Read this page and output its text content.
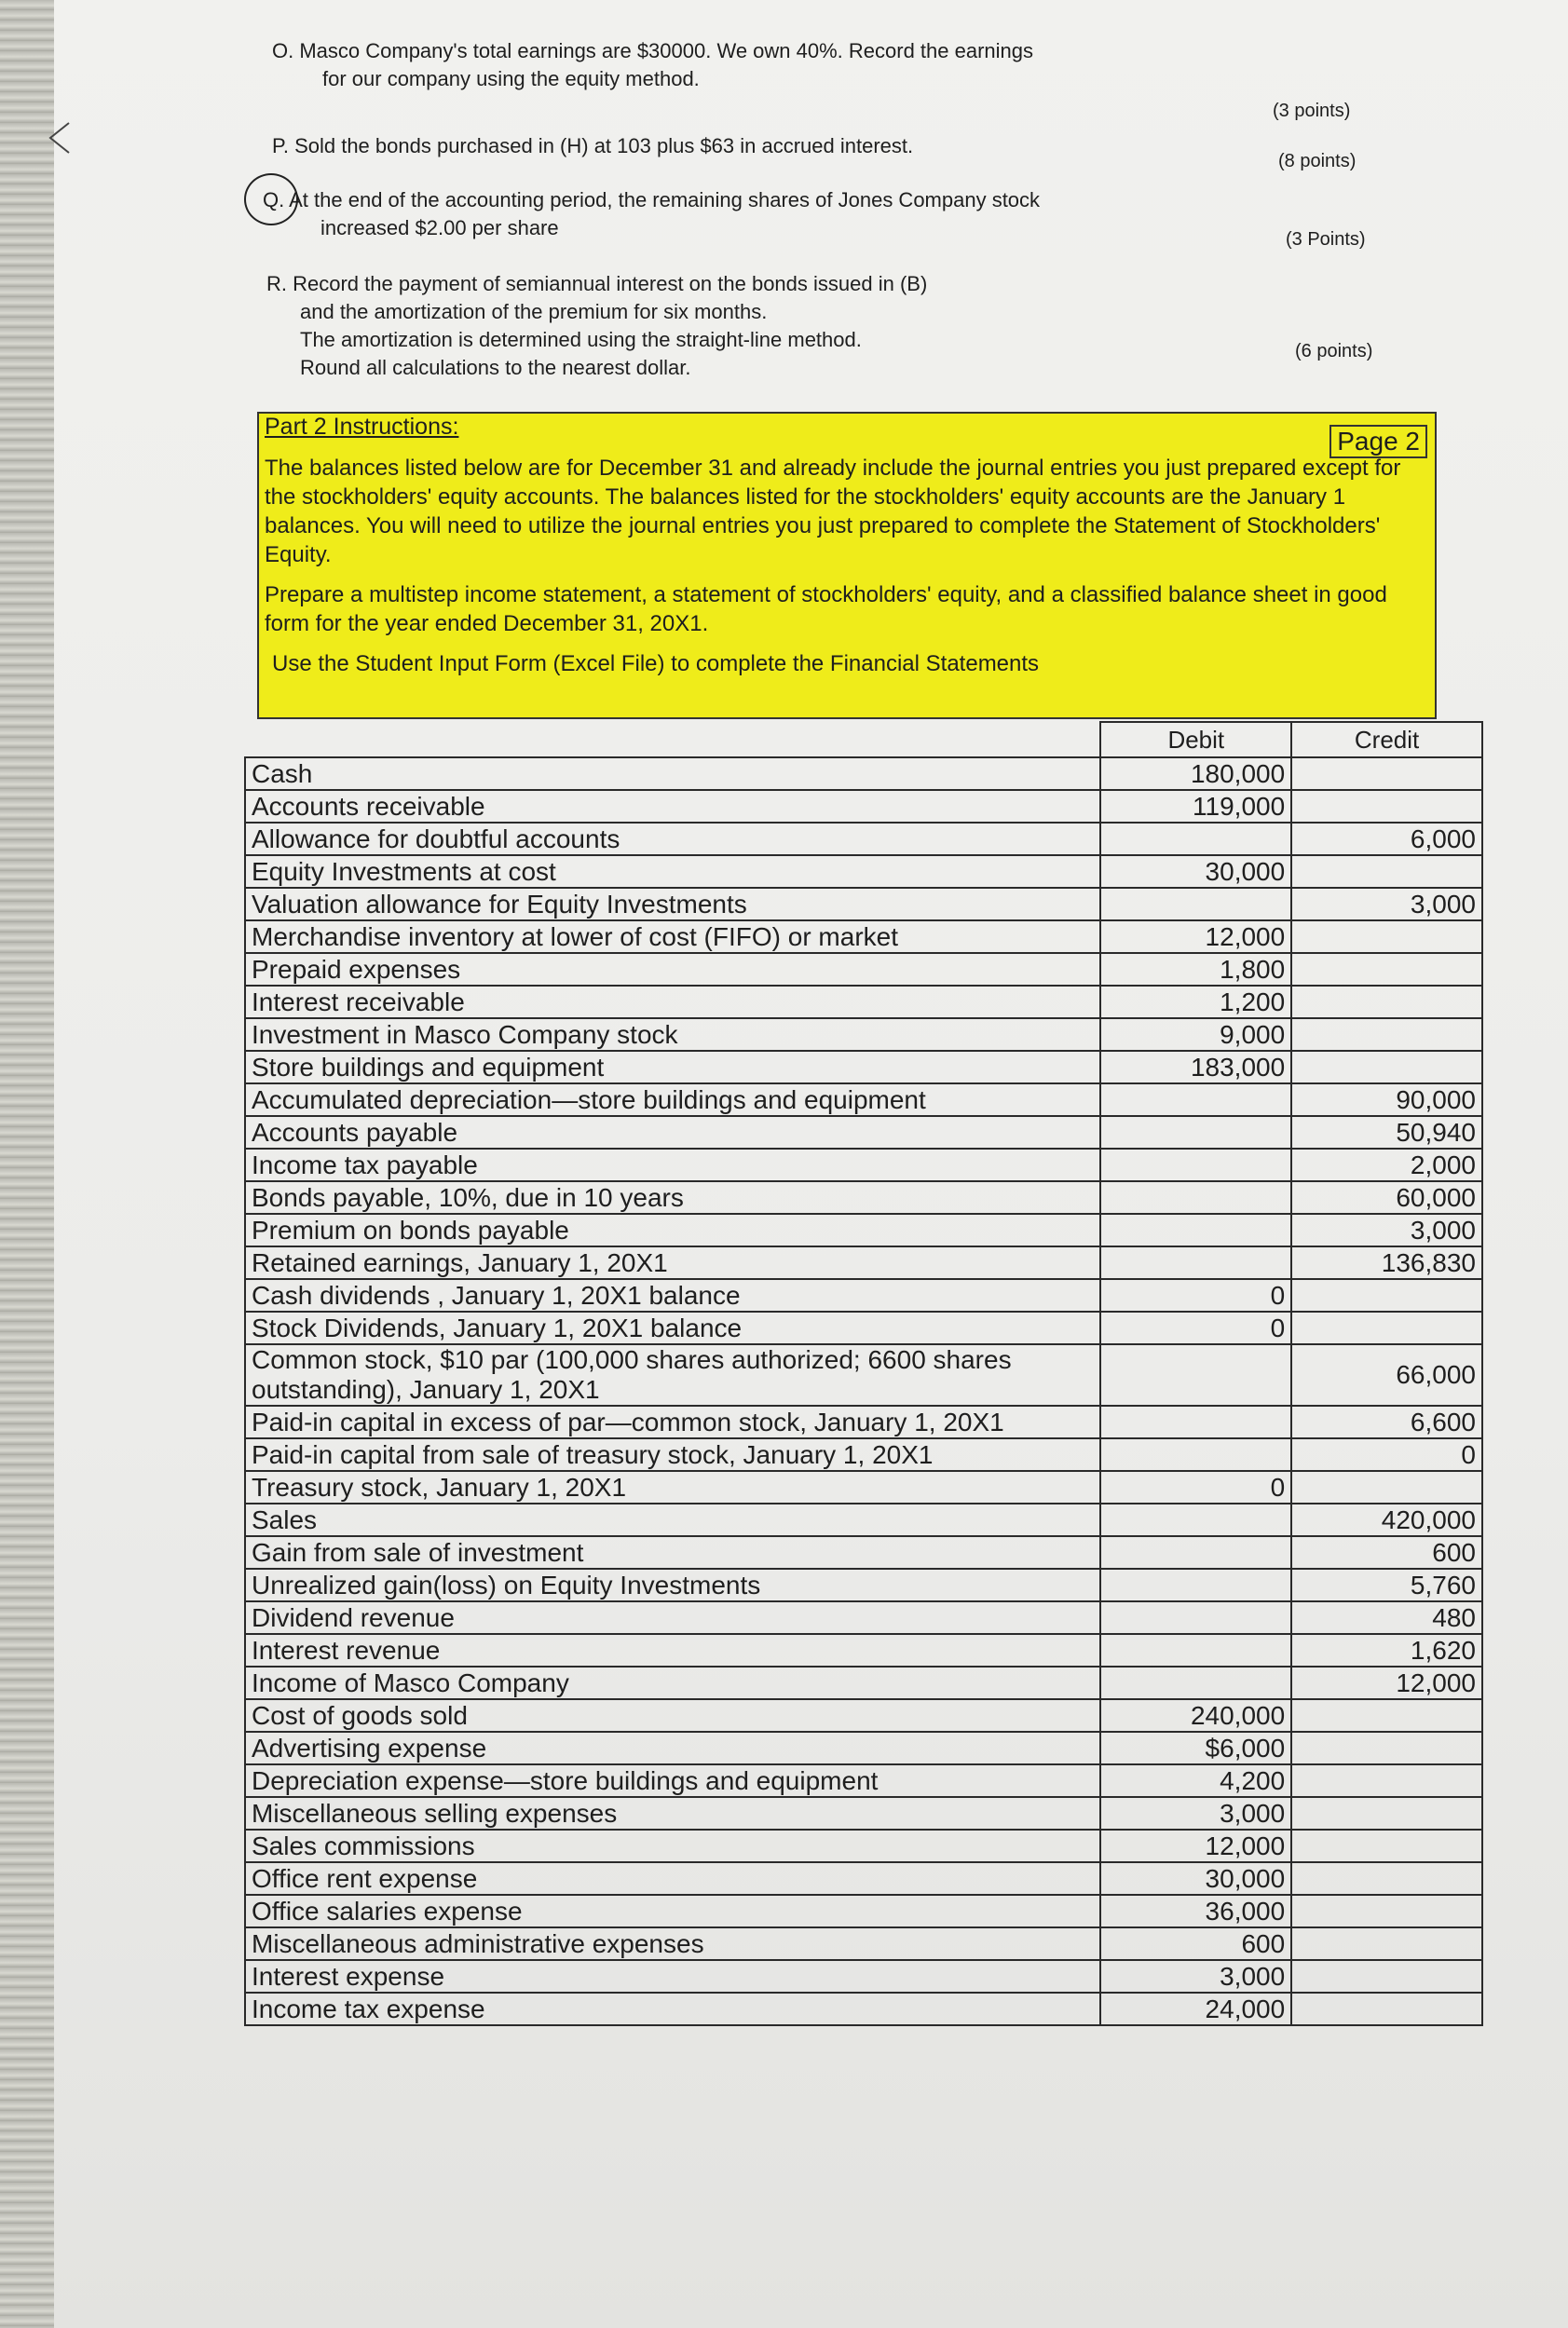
O. Masco Company's total earnings are $30000. We own 40%. Record the earnings
for our company using the equity method.
(3 points)
P. Sold the bonds purchased in (H) at 103 plus $63 in accrued interest.
(8 points)
Q. At the end of the accounting period, the remaining shares of Jones Company stock
increased $2.00 per share	(3 Points)
R. Record the payment of semiannual interest on the bonds issued in (B)
and the amortization of the premium for six months.
The amortization is determined using the straight-line method.
Round all calculations to the nearest dollar.
(6 points)
Part 2 Instructions:	Page 2

The balances listed below are for December 31 and already include the journal entries you just prepared except for the stockholders' equity accounts. The balances listed for the stockholders' equity accounts are the January 1 balances. You will need to utilize the journal entries you just prepared to complete the Statement of Stockholders' Equity.

Prepare a multistep income statement, a statement of stockholders' equity, and a classified balance sheet in good form for the year ended December 31, 20X1.

Use the Student Input Form (Excel File) to complete the Financial Statements

	Debit	Credit
Cash	180,000	
Accounts receivable	119,000	
Allowance for doubtful accounts		6,000
Equity Investments at cost	30,000	
Valuation allowance for Equity Investments		3,000
Merchandise inventory at lower of cost (FIFO) or market	12,000	
Prepaid expenses	1,800	
Interest receivable	1,200	
Investment in Masco Company stock	9,000	
Store buildings and equipment	183,000	
Accumulated depreciation—store buildings and equipment		90,000
Accounts payable		50,940
Income tax payable		2,000
Bonds payable, 10%, due in 10 years		60,000
Premium on bonds payable		3,000
Retained earnings, January 1, 20X1		136,830
Cash dividends , January 1, 20X1 balance	0	
Stock Dividends, January 1, 20X1 balance	0	
Common stock, $10 par (100,000 shares authorized; 6600 shares outstanding), January 1, 20X1		66,000
Paid-in capital in excess of par—common stock, January 1, 20X1		6,600
Paid-in capital from sale of treasury stock, January 1, 20X1		0
Treasury stock, January 1, 20X1	0	
Sales		420,000
Gain from sale of investment		600
Unrealized gain(loss) on Equity Investments		5,760
Dividend revenue		480
Interest revenue		1,620
Income of Masco Company		12,000
Cost of goods sold	240,000	
Advertising expense	$6,000	
Depreciation expense—store buildings and equipment	4,200	
Miscellaneous selling expenses	3,000	
Sales commissions	12,000	
Office rent expense	30,000	
Office salaries expense	36,000	
Miscellaneous administrative expenses	600	
Interest expense	3,000	
Income tax expense	24,000	
